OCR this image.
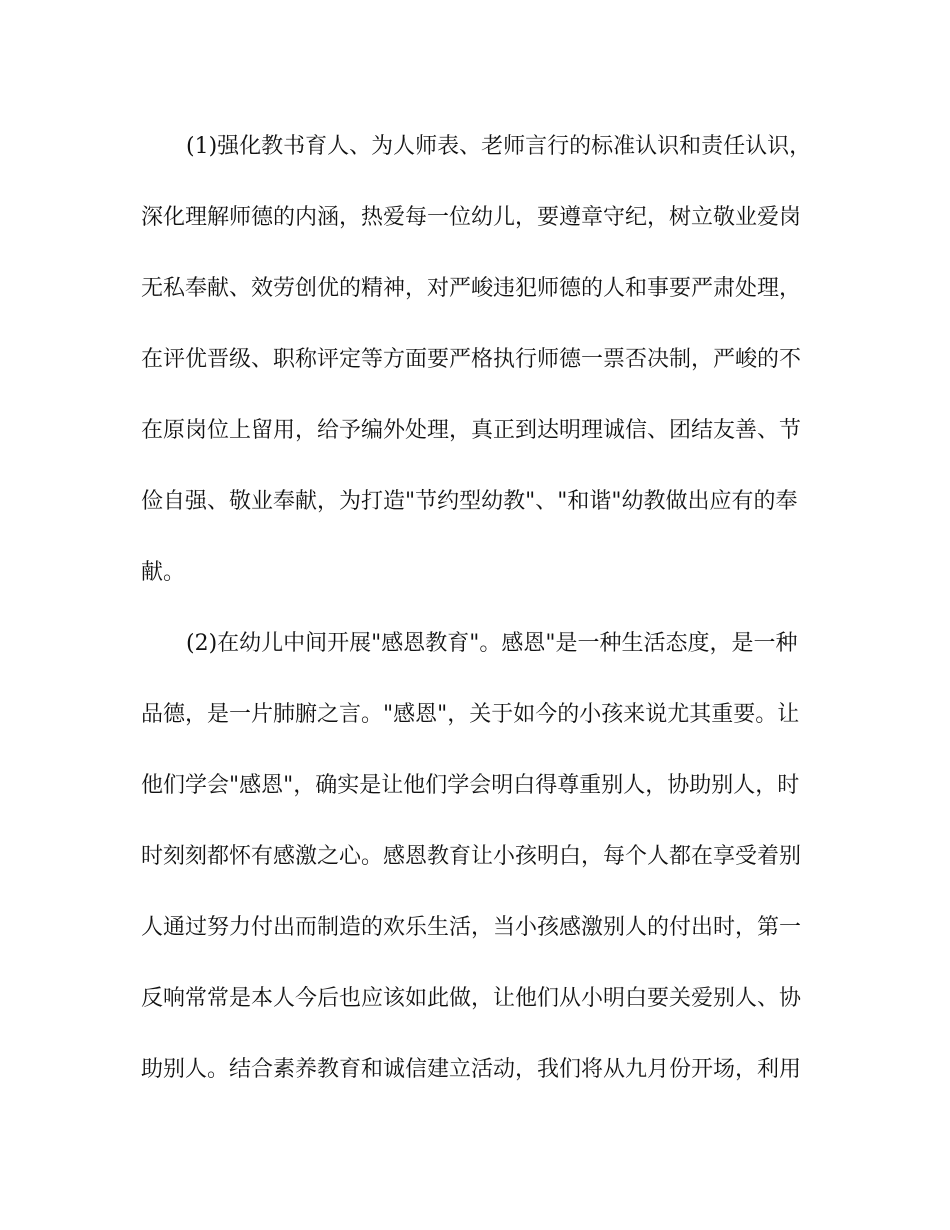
(1)强化教书育人、为人师表、老师言行的标准认识和责任认识，
深化理解师德的内涵，热爱每一位幼儿，要遵章守纪，树立敬业爱岗
无私奉献、效劳创优的精神，对严峻违犯师德的人和事要严肃处理，
在评优晋级、职称评定等方面要严格执行师德一票否决制，严峻的不
在原岗位上留用，给予编外处理，真正到达明理诚信、团结友善、节
俭自强、敬业奉献，为打造"节约型幼教"、"和谐"幼教做出应有的奉
献。
(2)在幼儿中间开展"感恩教育"。感恩"是一种生活态度，是一种
品德，是一片肺腑之言。"感恩"，关于如今的小孩来说尤其重要。让
他们学会"感恩"，确实是让他们学会明白得尊重别人，协助别人，时
时刻刻都怀有感激之心。感恩教育让小孩明白，每个人都在享受着别
人通过努力付出而制造的欢乐生活，当小孩感激别人的付出时，第一
反响常常是本人今后也应该如此做，让他们从小明白要关爱别人、协
助别人。结合素养教育和诚信建立活动，我们将从九月份开场，利用
